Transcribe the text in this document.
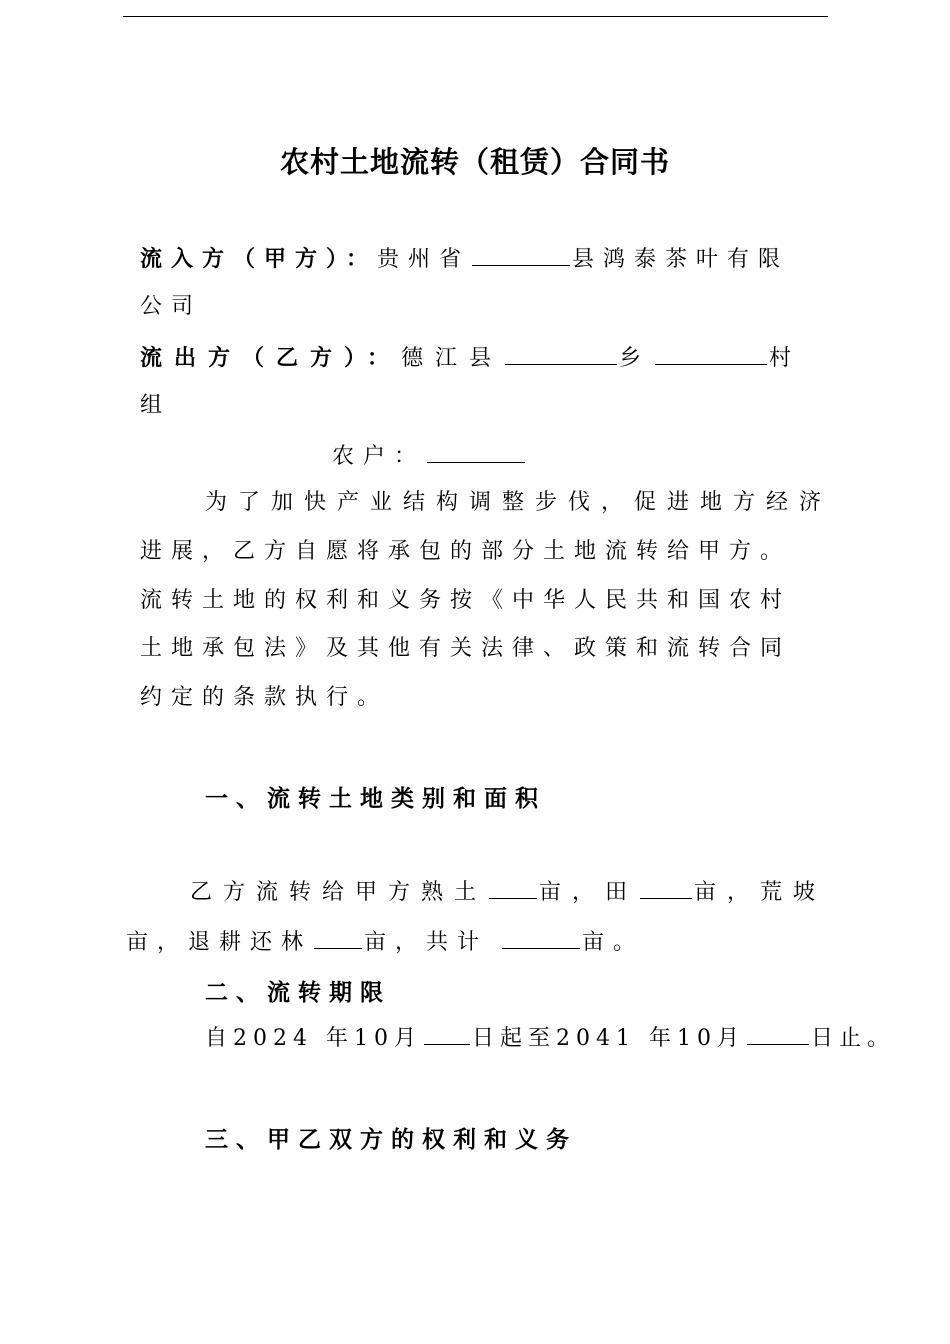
农村土地流转（租赁）合同书
流入方（甲方）：贵州省	县鸿泰茶叶有限
公司
流出方（乙方）：德江县	乡	村
组
农户：
为了加快产业结构调整步伐，促进地方经济
进展，乙方自愿将承包的部分土地流转给甲方。
流转土地的权利和义务按《中华人民共和国农村
土地承包法》及其他有关法律、政策和流转合同
约定的条款执行。
一、流转土地类别和面积
乙方流转给甲方熟土 亩，田	亩，荒坡
亩，退耕还林 亩，共计	亩。
二、流转期限
自2024 年10月 日起至2041 年10月	日止。
三、甲乙双方的权利和义务
